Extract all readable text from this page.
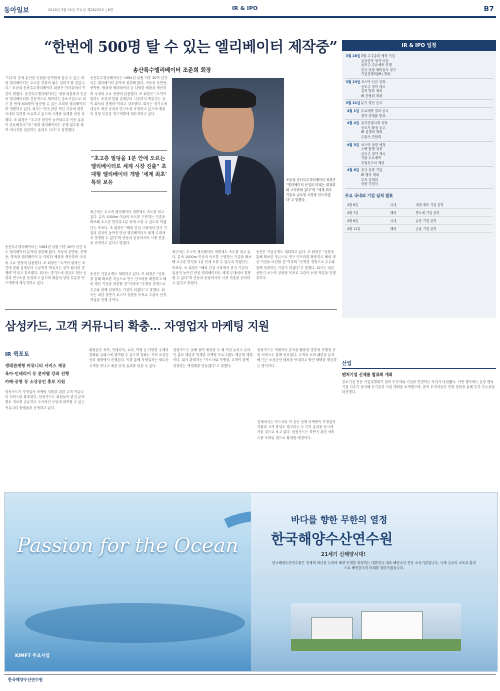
동아일보	2016년 3월 25일 목요일 제28235호 | 8면	IR & IPO	B7
“한번에 500명 탈 수 있는 엘리베이터 제작중”
송산특수엘리베이터 조준희 회장
“다수의 층에 분산된 인원을 한꺼번에 옮길 수 있는 대형 엘리베이터는 초고층 건물의 필수 설비가 될 것입니다.” 조준희 송산특수엘리베이터 회장은 인터뷰에서 이같이 밝혔다. 송산특수엘리베이터는 대형 화물용과 인승용 엘리베이터를 전문적으로 제작하는 중소기업으로 최근 한 번에 500명이 탑승할 수 있는 초대형 엘리베이터를 개발하고 있다. 회사는 이미 관련 핵심 기술에 대한 국내외 특허를 보유하고 있으며 시제품 설계를 마친 상태다. 조 회장은 “초고층 빌딩이 늘어날수록 이동 효율이 중요해진다”며 “대형 엘리베이터는 운행 횟수를 줄여 에너지를 절감하는 효과도 크다”고 설명했다.
송산특수엘리베이터는 1984년 설립 이후 30여 년간 특수 엘리베이터 분야에 집중해 왔다. 자동차 운반용, 선박용, 방폭형 엘리베이터 등 다양한 제품을 생산하며 국내외 주요 현장에 납품했다. 조 회장은 “고객이 원하는 조건에 맞춰 설계부터 시공까지 책임지는 것이 회사의 경쟁력”이라고 강조했다. 회사는 경기도에 대규모 생산 공장과 연구소를 운영하고 있으며 매출의 상당 부분을 연구개발에 재투자하고 있다.
“초고층 빌딩을 1분 안에 오르는 엘리베이터로 세계 시장 진출” 초대형 엘리베이터 개발 ‘세계 최초’ 특허 보유
최근에는 초고속 엘리베이터 개발에도 속도를 내고 있다. 분속 1000m 이상의 속도를 구현하는 기술을 확보해 초고층 빌딩을 1분 안에 오를 수 있도록 하겠다는 목표다. 조 회장은 “해외 건설 시장에서 한국 기업의 위상이 높아진 만큼 엘리베이터도 세계 무대에서 경쟁할 수 있다”며 중동과 동남아시아 시장 진출을 준비하고 있다고 밝혔다.
조준희 송산특수엘리베이터 회장은 “엘리베이터 산업의 미래는 대형화와 고속화에 있다”며 “세계 최초 기술로 글로벌 시장을 선도하겠다”고 말했다.
최근에는 초고속 엘리베이터 개발에도 속도를 내고 있다. 분속 1000m 이상의 속도를 구현하는 기술을 확보해 초고층 빌딩을 1분 안에 오를 수 있도록 하겠다는 목표다. 조 회장은 “해외 건설 시장에서 한국 기업의 위상이 높아진 만큼 엘리베이터도 세계 무대에서 경쟁할 수 있다”며 중동과 동남아시아 시장 진출을 준비하고 있다고 밝혔다.
송산은 기업공개도 계획하고 있다. 조 회장은 “상장을 통해 확보한 자금으로 연구 인프라를 확충하고 해외 생산 거점을 마련할 것”이라며 “투명한 경영으로 주주와 함께 성장하는 기업이 되겠다”고 말했다. 회사는 내년 상반기 코스닥 상장을 목표로 주관사 선정 작업을 진행 중이다.
송산특수엘리베이터는 1984년 설립 이후 30여 년간 특수 엘리베이터 분야에 집중해 왔다. 자동차 운반용, 선박용, 방폭형 엘리베이터 등 다양한 제품을 생산하며 국내외 주요 현장에 납품했다. 조 회장은 “고객이 원하는 조건에 맞춰 설계부터 시공까지 책임지는 것이 회사의 경쟁력”이라고 강조했다. 회사는 경기도에 대규모 생산 공장과 연구소를 운영하고 있으며 매출의 상당 부분을 연구개발에 재투자하고 있다.
송산은 기업공개도 계획하고 있다. 조 회장은 “상장을 통해 확보한 자금으로 연구 인프라를 확충하고 해외 생산 거점을 마련할 것”이라며 “투명한 경영으로 주주와 함께 성장하는 기업이 되겠다”고 말했다. 회사는 내년 상반기 코스닥 상장을 목표로 주관사 선정 작업을 진행 중이다.
삼성카드, 고객 커뮤니티 확충… 자영업자 마케팅 지원
IR 퀵포토
생태관계형 커뮤니티 서비스 제공
육아·인테리어 등 분야별 강좌 진행
카페·공방 등 소상공인 홍보 지원
삼성카드가 자영업자 마케팅 지원을 위한 고객 커뮤니티 서비스를 확대한다. 삼성카드는 회원들이 관심 분야별로 정보를 공유하고 오프라인 모임에 참여할 수 있는 커뮤니티 플랫폼을 운영하고 있다.
회원들은 육아, 인테리어, 요리, 여행 등 다양한 주제의 강좌와 클래스에 참여할 수 있으며 강좌는 지역 소상공인의 매장에서 진행된다. 이를 통해 자영업자는 새로운 고객을 만나고 매출 증대 효과를 얻을 수 있다.
삼성카드는 올해 참여 매장을 두 배 이상 늘리고 온라인 홍보 채널과 연계한 마케팅 프로그램도 제공할 계획이다. 회사 관계자는 “카드사와 가맹점, 고객이 함께 성장하는 생태계를 만들겠다”고 말했다.
삼성카드는 빅데이터 분석을 활용한 맞춤형 가맹점 추천 서비스도 함께 선보였다. 고객의 소비 패턴을 분석해 인근 소상공인 매장을 안내하고 할인 혜택을 제공하는 방식이다.
업계에서는 카드사의 이 같은 상생 마케팅이 자영업자 지원과 고객 충성도 제고라는 두 가지 효과를 동시에 거둘 것으로 보고 있다. 삼성카드는 하반기 관련 서비스를 모바일 앱으로 확대할 예정이다.
IR & IPO 일정
3월 28일 3월 주주총회 예정 기업
유상증자 청약 마감
공모주 수요예측 진행
신규 상장 예비심사 청구
기업설명회(IR) 개최
3월 29일 코스닥 신규 상장
공모주 청약 개시
실적 발표 예정
IR 간담회 개최
3월 31일 분기 결산 공시
4월 1일 수요예측 결과 공시
청약 경쟁률 발표
4월 4일 유가증권시장 상장
공모가 확정 공고
IR 설명회 개최
주관사 간담회
4월 5일 코스닥 상장 예정
스팩 합병 상장
공모주 청약 개시
기관 수요예측
증권신고서 제출
4월 6일 신규 상장 기업
IR 행사 개최
투자 설명회
상장 기념식
주요 국내외 기업 실적 발표
4월 6일	국내	대형 제조 기업 실적
4월 7일	해외	반도체 기업 실적
4월 8일	국내	유통 기업 실적
4월 11일	해외	금융 기업 실적
산업
벤처기업 신제품 발표회 개최
중소기업 전문 기업설명회가 열려 투자자와 기업을 연결하는 자리가 마련됐다. 이번 행사에는 유망 벤처기업 다수가 참석해 신기술과 사업 계획을 소개했으며, 참석 투자자들은 현장 상담을 통해 투자 가능성을 타진했다.
Passion for the Ocean
KIMFT 주요사업
바다를 향한 무한의 열정
한국해양수산연수원
21세기 신해양시대!
한국해양수산연수원은 전세계 바다를 누비며 해양 인재를 양성하는 대한민국 대표 해양수산 전문 교육기관입니다. 국제 수준의 교육과 훈련으로 해양강국의 미래를 열어가겠습니다.
한국해양수산연수원
